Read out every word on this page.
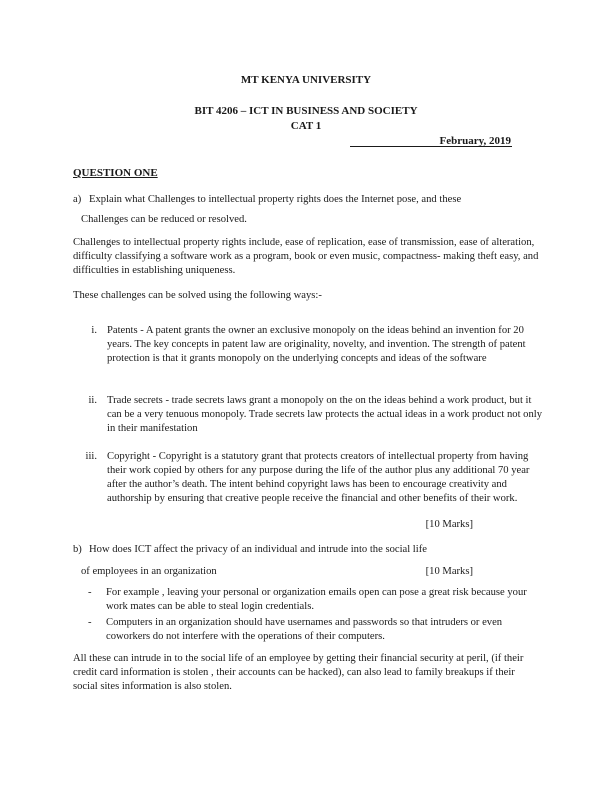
MT KENYA UNIVERSITY
BIT 4206 – ICT IN BUSINESS AND SOCIETY
CAT 1
February, 2019
QUESTION ONE
a) Explain what Challenges to intellectual property rights does the Internet pose, and these
Challenges can be reduced or resolved.
Challenges to intellectual property rights include, ease of replication, ease of transmission, ease of alteration, difficulty classifying a software work as a program, book or even music, compactness- making theft easy, and difficulties in establishing uniqueness.
These challenges can be solved using the following ways:-
i. Patents - A patent grants the owner an exclusive monopoly on the ideas behind an invention for 20 years. The key concepts in patent law are originality, novelty, and invention. The strength of patent protection is that it grants monopoly on the underlying concepts and ideas of the software
ii. Trade secrets - trade secrets laws grant a monopoly on the on the ideas behind a work product, but it can be a very tenuous monopoly. Trade secrets law protects the actual ideas in a work product not only in their manifestation
iii. Copyright - Copyright is a statutory grant that protects creators of intellectual property from having their work copied by others for any purpose during the life of the author plus any additional 70 year after the author’s death. The intent behind copyright laws has been to encourage creativity and authorship by ensuring that creative people receive the financial and other benefits of their work.
[10 Marks]
b) How does ICT affect the privacy of an individual and intrude into the social life
of employees in an organization	[10 Marks]
-	For example , leaving your personal or organization emails open can pose a great risk because your work mates can be able to steal login credentials.
-	Computers in an organization should have usernames and passwords so that intruders or even coworkers do not interfere with the operations of their computers.
All these can intrude in to the social life of an employee by getting their financial security at peril, (if their credit card information is stolen , their accounts can be hacked), can also lead to family breakups if their social sites information is also stolen.
